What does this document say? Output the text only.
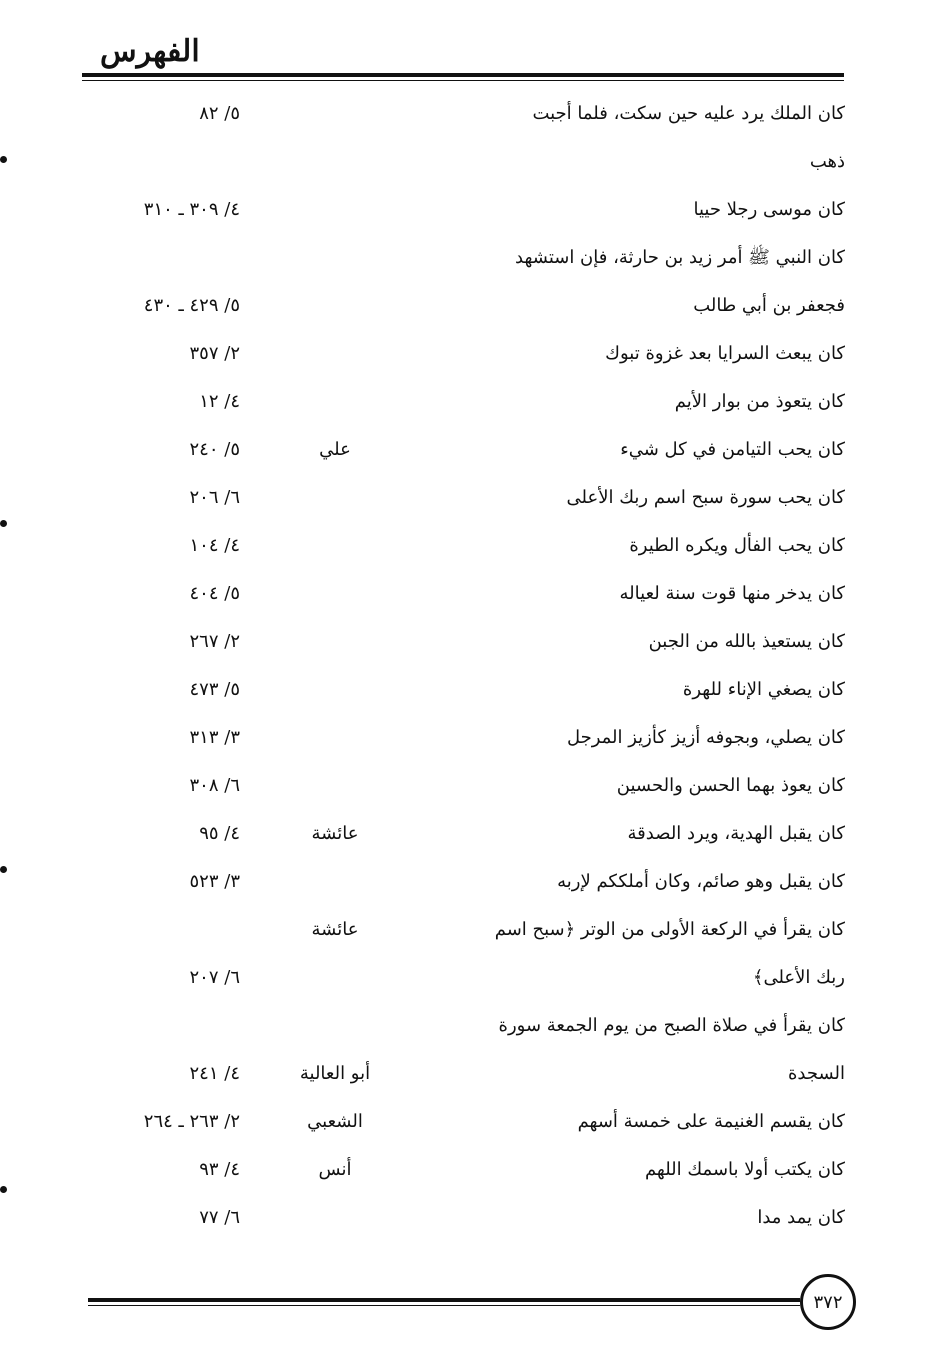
الفهرس
كان الملك يرد عليه حين سكت، فلما أجبت
٥/ ٨٢
ذهب
كان موسى رجلا حييا
٤/ ٣٠٩ ـ ٣١٠
كان النبي ﷺ أمر زيد بن حارثة، فإن استشهد
فجعفر بن أبي طالب
٥/ ٤٢٩ ـ ٤٣٠
كان يبعث السرايا بعد غزوة تبوك
٢/ ٣٥٧
كان يتعوذ من بوار الأيم
٤/ ١٢
كان يحب التيامن في كل شيء
علي
٥/ ٢٤٠
كان يحب سورة سبح اسم ربك الأعلى
٦/ ٢٠٦
كان يحب الفأل ويكره الطيرة
٤/ ١٠٤
كان يدخر منها قوت سنة لعياله
٥/ ٤٠٤
كان يستعيذ بالله من الجبن
٢/ ٢٦٧
كان يصغي الإناء للهرة
٥/ ٤٧٣
كان يصلي، وبجوفه أزيز كأزيز المرجل
٣/ ٣١٣
كان يعوذ بهما الحسن والحسين
٦/ ٣٠٨
كان يقبل الهدية، ويرد الصدقة
عائشة
٤/ ٩٥
كان يقبل وهو صائم، وكان أملككم لإربه
٣/ ٥٢٣
كان يقرأ في الركعة الأولى من الوتر ﴿سبح اسم
عائشة
ربك الأعلى﴾
٦/ ٢٠٧
كان يقرأ في صلاة الصبح من يوم الجمعة سورة
السجدة
أبو العالية
٤/ ٢٤١
كان يقسم الغنيمة على خمسة أسهم
الشعبي
٢/ ٢٦٣ ـ ٢٦٤
كان يكتب أولا باسمك اللهم
أنس
٤/ ٩٣
كان يمد مدا
٦/ ٧٧
٣٧٢
